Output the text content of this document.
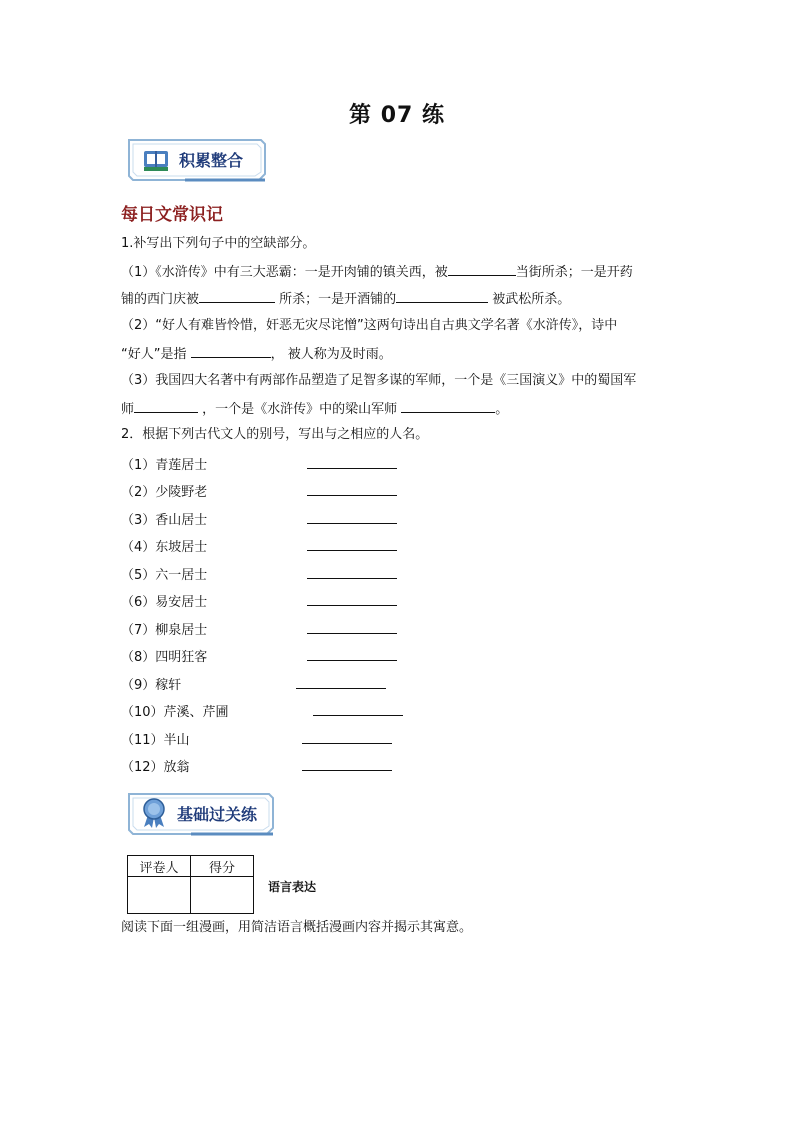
第 07 练
积累整合
每日文常识记
1.补写出下列句子中的空缺部分。
（1）《水浒传》中有三大恶霸：一是开肉铺的镇关西，被	当街所杀；一是开药
铺的西门庆被	所杀；一是开酒铺的	被武松所杀。
（2）“好人有难皆怜惜，奸恶无灾尽诧憎”这两句诗出自古典文学名著《水浒传》，诗中
“好人”是指	， 被人称为及时雨。
（3）我国四大名著中有两部作品塑造了足智多谋的军师，一个是《三国演义》中的蜀国军
师	，一个是《水浒传》中的梁山军师	。
2．根据下列古代文人的别号，写出与之相应的人名。
（1）青莲居士
（2）少陵野老
（3）香山居士
（4）东坡居士
（5）六一居士
（6）易安居士
（7）柳泉居士
（8）四明狂客
（9）稼轩
（10）芹溪、芹圃
（11）半山
（12）放翁
基础过关练
评卷人	得分

语言表达
阅读下面一组漫画，用简洁语言概括漫画内容并揭示其寓意。
